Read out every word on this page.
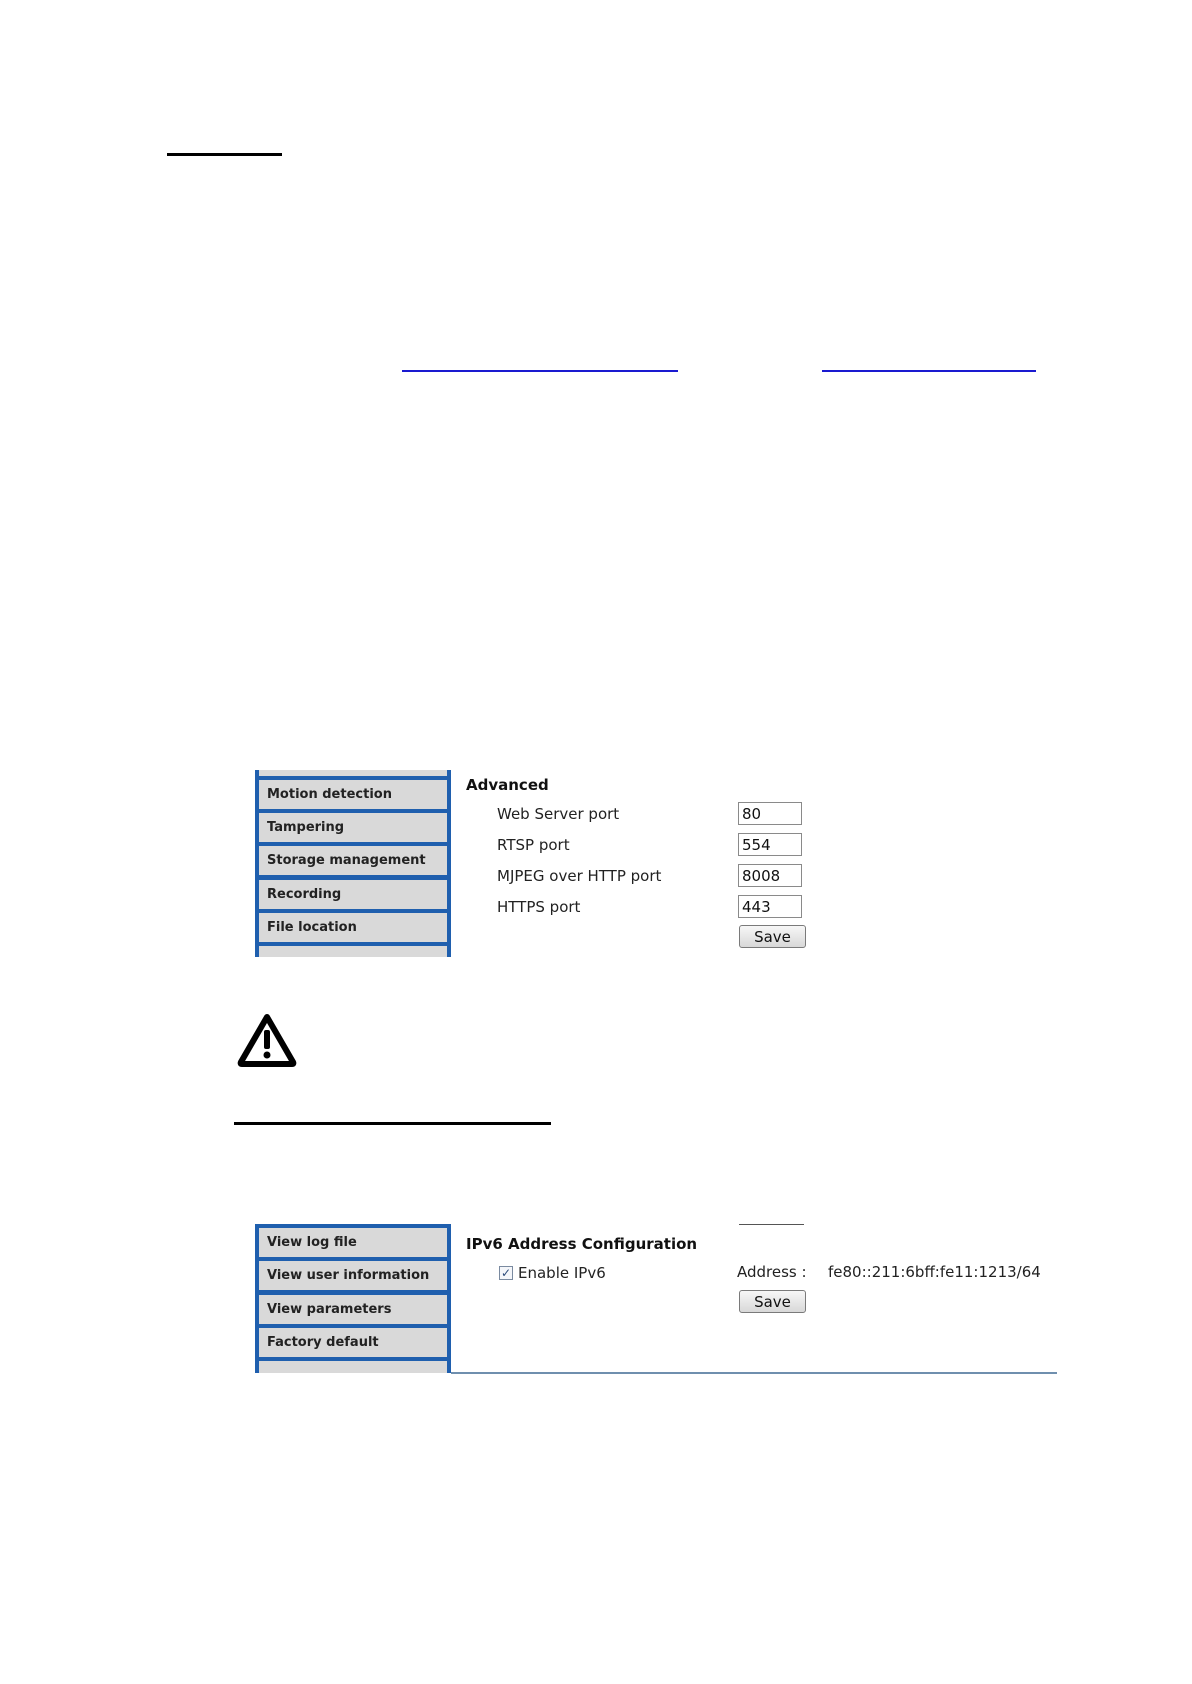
Motion detection
Tampering
Storage management
Recording
File location
Advanced
Web Server port
80
RTSP port
554
MJPEG over HTTP port
8008
HTTPS port
443
Save
View log file
View user information
View parameters
Factory default
IPv6 Address Configuration
✓ Enable IPv6	Address : fe80::211:6bff:fe11:1213/64
Save
